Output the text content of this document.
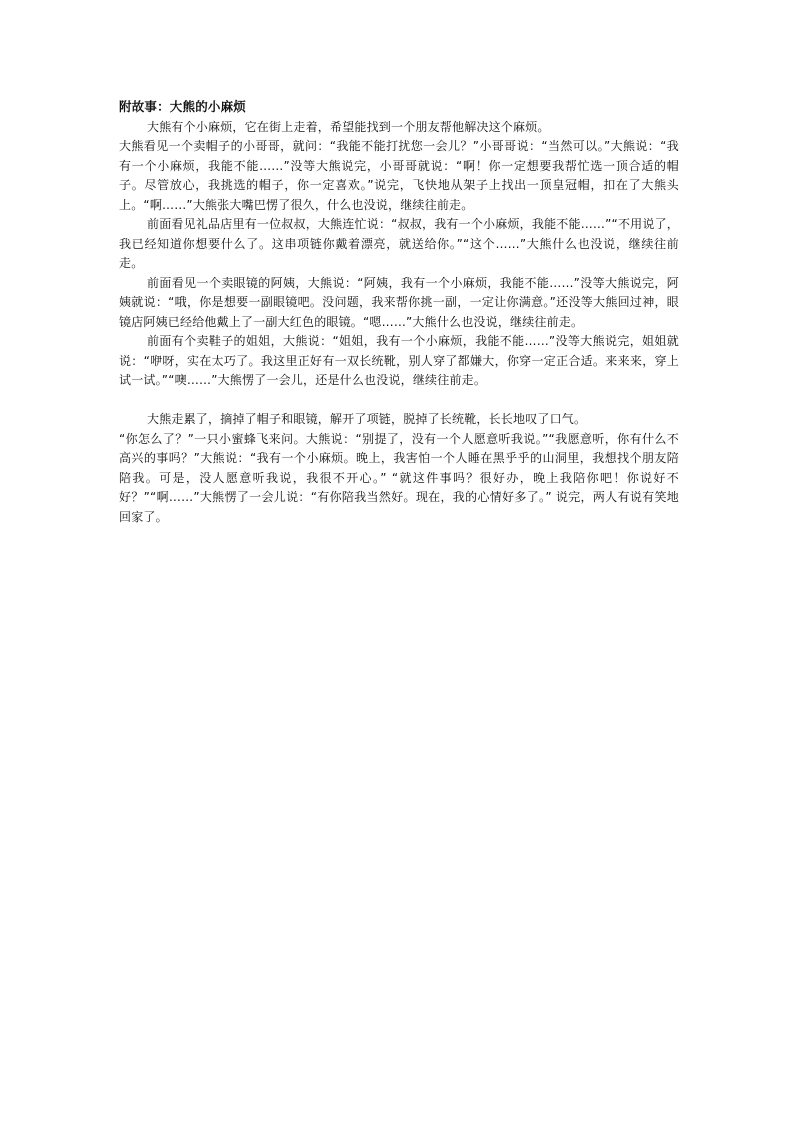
附故事：大熊的小麻烦

大熊有个小麻烦，它在街上走着，希望能找到一个朋友帮他解决这个麻烦。

大熊看见一个卖帽子的小哥哥，就问：“我能不能打扰您一会儿？”小哥哥说：“当然可以。”大熊说：“我有一个小麻烦，我能不能……”没等大熊说完，小哥哥就说：“啊！你一定想要我帮忙选一顶合适的帽子。尽管放心，我挑选的帽子，你一定喜欢。”说完，飞快地从架子上找出一顶皇冠帽，扣在了大熊头上。“啊……”大熊张大嘴巴愣了很久，什么也没说，继续往前走。

前面看见礼品店里有一位叔叔，大熊连忙说：“叔叔，我有一个小麻烦，我能不能……”“不用说了，我已经知道你想要什么了。这串项链你戴着漂亮，就送给你。”“这个……”大熊什么也没说，继续往前走。

前面看见一个卖眼镜的阿姨，大熊说：“阿姨，我有一个小麻烦，我能不能……”没等大熊说完，阿姨就说：“哦，你是想要一副眼镜吧。没问题，我来帮你挑一副，一定让你满意。”还没等大熊回过神，眼镜店阿姨已经给他戴上了一副大红色的眼镜。“嗯……”大熊什么也没说，继续往前走。

前面有个卖鞋子的姐姐，大熊说：“姐姐，我有一个小麻烦，我能不能……”没等大熊说完，姐姐就说：“咿呀，实在太巧了。我这里正好有一双长统靴，别人穿了都嫌大，你穿一定正合适。来来来，穿上试一试。”“噢……”大熊愣了一会儿，还是什么也没说，继续往前走。

大熊走累了，摘掉了帽子和眼镜，解开了项链，脱掉了长统靴，长长地叹了口气。

“你怎么了？”一只小蜜蜂飞来问。大熊说：“别提了，没有一个人愿意听我说。”“我愿意听，你有什么不高兴的事吗？”大熊说：“我有一个小麻烦。晚上，我害怕一个人睡在黑乎乎的山洞里，我想找个朋友陪陪我。可是，没人愿意听我说，我很不开心。” “就这件事吗？很好办，晚上我陪你吧！你说好不好？”“啊……”大熊愣了一会儿说：“有你陪我当然好。现在，我的心情好多了。” 说完，两人有说有笑地回家了。
